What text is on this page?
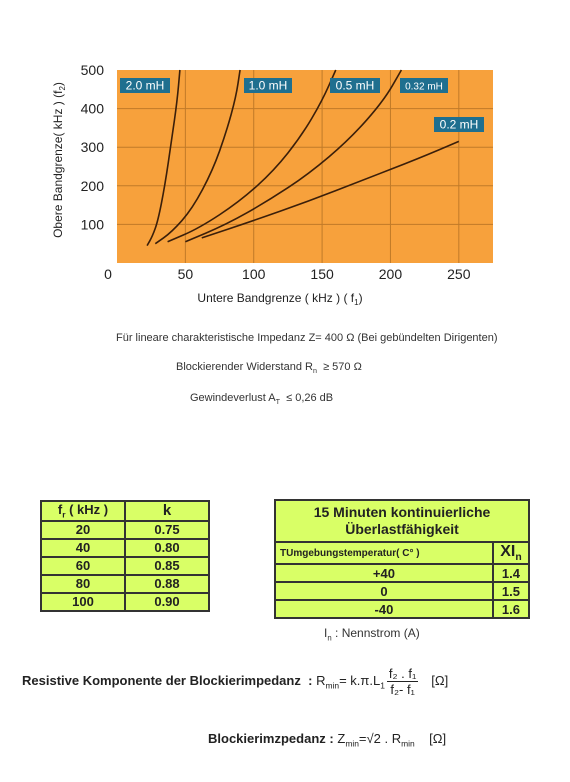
2.0 mH	1.0 mH	0.5 mH	0.32 mH
0.2 mH
0	50	100	150	200	250
100
200
300
400
500
Untere Bandgrenze ( kHz ) ( $f_1$)
Obere Bandgrenze( kHz ) $(f_2)$
Für lineare charakteristische Impedanz Z= 400 Ω (Bei gebündelten Dirigenten)
Blockierender Widerstand $R_n \ge 570$ Ω
Gewindeverlust $A_T \le 0,26$ dB
$f_r$ ( kHz )	k
20	0.75
40	0.80
60	0.85
80	0.88
100	0.90
15 Minuten kontinuierliche Überlastfähigkeit	
TUmgebungstemperatur( C° )	$XI_n$
+40	1.4
0	1.5
-40	1.6
$I_n$ : Nennstrom (A)
Resistive Komponente der Blockierimpedanz : $R_{min}= k.\pi.L_1 \frac{\text{f₂ . f₁}}{\text{f₂- f₁}} [\Omega]$
Blockierimzpedanz : $Z_{min}=√2$ . $R_{min}$ [Ω]
